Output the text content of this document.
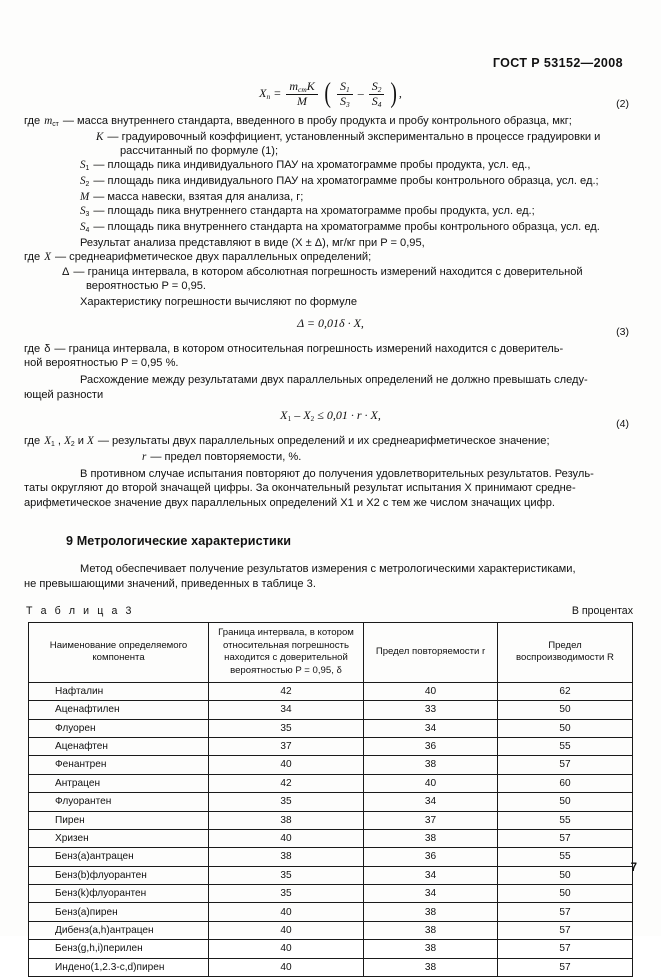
ГОСТ Р 53152—2008
$Xn = \frac{m_{ст}K}{M}$ ( $\frac{S_1}{S_3} - \frac{S_2}{S_4}$ ),
(2)
где $m_{ст}$ — масса внутреннего стандарта, введенного в пробу продукта и пробу контрольного образца, мкг;
K — градуировочный коэффициент, установленный экспериментально в процессе градуировки и
рассчитанный по формуле (1);
$S_1$ — площадь пика индивидуального ПАУ на хроматограмме пробы продукта, усл. ед.,
$S_2$ — площадь пика индивидуального ПАУ на хроматограмме пробы контрольного образца, усл. ед.;
M — масса навески, взятая для анализа, г;
$S_3$ — площадь пика внутреннего стандарта на хроматограмме пробы продукта, усл. ед.;
$S_4$ — площадь пика внутреннего стандарта на хроматограмме пробы контрольного образца, усл. ед.

Результат анализа представляют в виде (X ± Δ), мг/кг при P = 0,95,

где X — среднеарифметическое двух параллельных определений;
Δ — граница интервала, в котором абсолютная погрешность измерений находится с доверительной
вероятностью P = 0,95.

Характеристику погрешности вычисляют по формуле

Δ = 0,01δ · X,
(3)
где δ — граница интервала, в котором относительная погрешность измерений находится с доверитель-
ной вероятностью P = 0,95 %.

Расхождение между результатами двух параллельных определений не должно превышать следу-

ющей разности

$X_1 - X_2 \le 0,01 \cdot r \cdot X$,
(4)
где $X_1$ , $X_2$ и X — результаты двух параллельных определений и их среднеарифметическое значение;
r — предел повторяемости, %.

В противном случае испытания повторяют до получения удовлетворительных результатов. Резуль-

таты округляют до второй значащей цифры. За окончательный результат испытания X принимают средне-

арифметическое значение двух параллельных определений X1 и X2 с тем же числом значащих цифр.

9 Метрологические характеристики

Метод обеспечивает получение результатов измерения с метрологическими характеристиками,

не превышающими значений, приведенных в таблице 3.

Т а б л и ц а 3	В процентах
Наименование определяемого компонента	Граница интервала, в котором относительная погрешность находится с доверительной вероятностью P = 0,95, δ	Предел повторяемости r	Предел воспроизводимости R
Нафталин	42	40	62
Аценафтилен	34	33	50
Флуорен	35	34	50
Аценафтен	37	36	55
Фенантрен	40	38	57
Антрацен	42	40	60
Флуорантен	35	34	50
Пирен	38	37	55
Хризен	40	38	57
Бенз(а)антрацен	38	36	55
Бенз(b)флуорантен	35	34	50
Бенз(k)флуорантен	35	34	50
Бенз(а)пирен	40	38	57
Дибенз(а,h)антрацен	40	38	57
Бенз(g,h,i)перилен	40	38	57
Индено(1,2.3-c,d)пирен	40	38	57
7
